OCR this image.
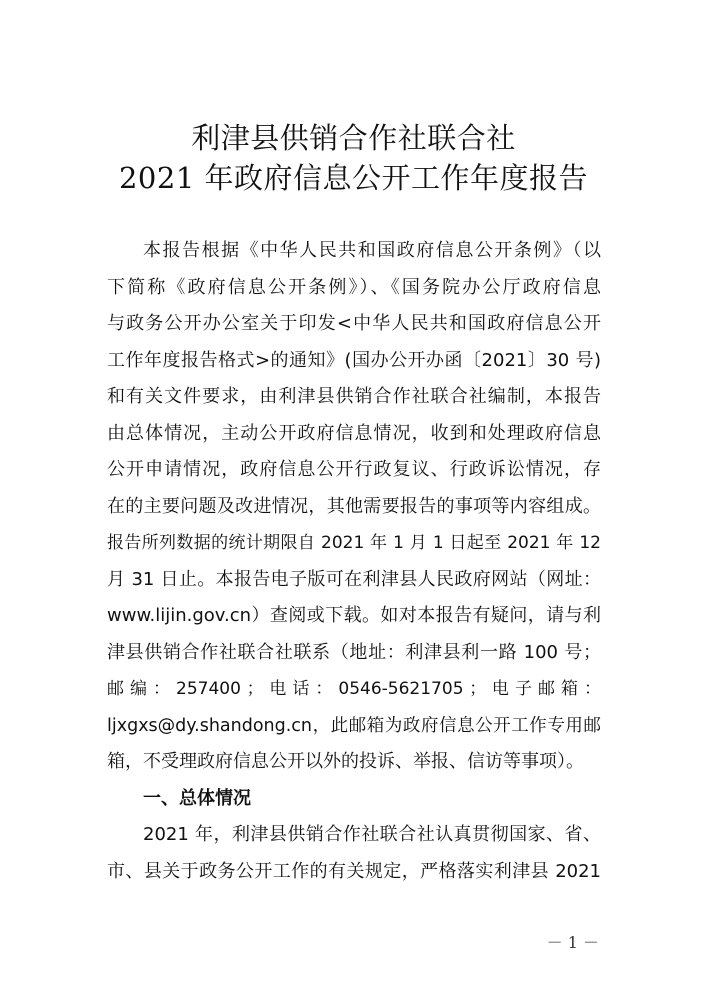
利津县供销合作社联合社
2021 年政府信息公开工作年度报告
本报告根据《中华人民共和国政府信息公开条例》（以
下简称《政府信息公开条例》）、《国务院办公厅政府信息
与政务公开办公室关于印发<中华人民共和国政府信息公开
工作年度报告格式>的通知》(国办公开办函〔2021〕30 号)
和有关文件要求，由利津县供销合作社联合社编制，本报告
由总体情况，主动公开政府信息情况，收到和处理政府信息
公开申请情况，政府信息公开行政复议、行政诉讼情况，存
在的主要问题及改进情况，其他需要报告的事项等内容组成。
报告所列数据的统计期限自 2021 年 1 月 1 日起至 2021 年 12
月 31 日止。本报告电子版可在利津县人民政府网站（网址：
www.lijin.gov.cn）查阅或下载。如对本报告有疑问，请与利
津县供销合作社联合社联系（地址：利津县利一路 100 号；
邮 编 ： 257400 ； 电 话 ： 0546-5621705 ； 电 子 邮 箱 ：
ljxgxs@dy.shandong.cn，此邮箱为政府信息公开工作专用邮
箱，不受理政府信息公开以外的投诉、举报、信访等事项）。
一、总体情况
2021 年，利津县供销合作社联合社认真贯彻国家、省、
市、县关于政务公开工作的有关规定，严格落实利津县 2021
－ 1 －
